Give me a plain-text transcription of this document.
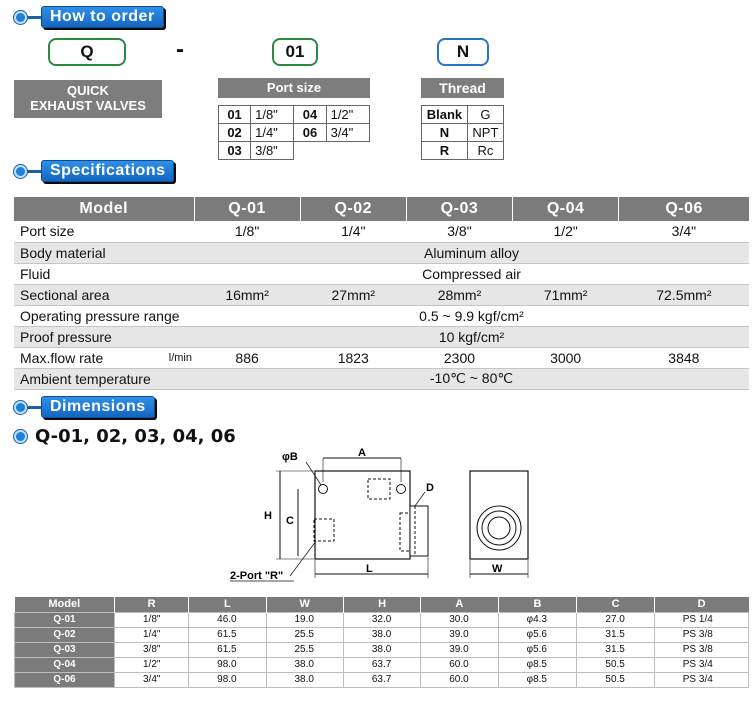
How to order
Q
QUICK
EXHAUST VALVES
-	01
Port size
01	1/8"	04	1/2"
02	1/4"	06	3/4"
03	3/8"		
N
Thread
Blank	G
N	NPT
R	Rc
Specifications
Model		Q-01	Q-02	Q-03	Q-04	Q-06
Port size		1/8"	1/4"	3/8"	1/2"	3/4"
Body material		Aluminum alloy				
Fluid		Compressed air				
Sectional area		16mm²	27mm²	28mm²	71mm²	72.5mm²
Operating pressure range		0.5 ~ 9.9 kgf/cm²				
Proof pressure		10 kgf/cm²				
Max.flow rate	l/min	886	1823	2300	3000	3848
Ambient temperature		-10℃ ~ 80℃				
Dimensions
Q-01, 02, 03, 04, 06
A
φB
D
H C
L
2-Port "R"
W
Model	R	L	W	H	A	B	C	D
Q-01	1/8"	46.0	19.0	32.0	30.0	φ4.3	27.0	PS 1/4
Q-02	1/4"	61.5	25.5	38.0	39.0	φ5.6	31.5	PS 3/8
Q-03	3/8"	61.5	25.5	38.0	39.0	φ5.6	31.5	PS 3/8
Q-04	1/2"	98.0	38.0	63.7	60.0	φ8.5	50.5	PS 3/4
Q-06	3/4"	98.0	38.0	63.7	60.0	φ8.5	50.5	PS 3/4
